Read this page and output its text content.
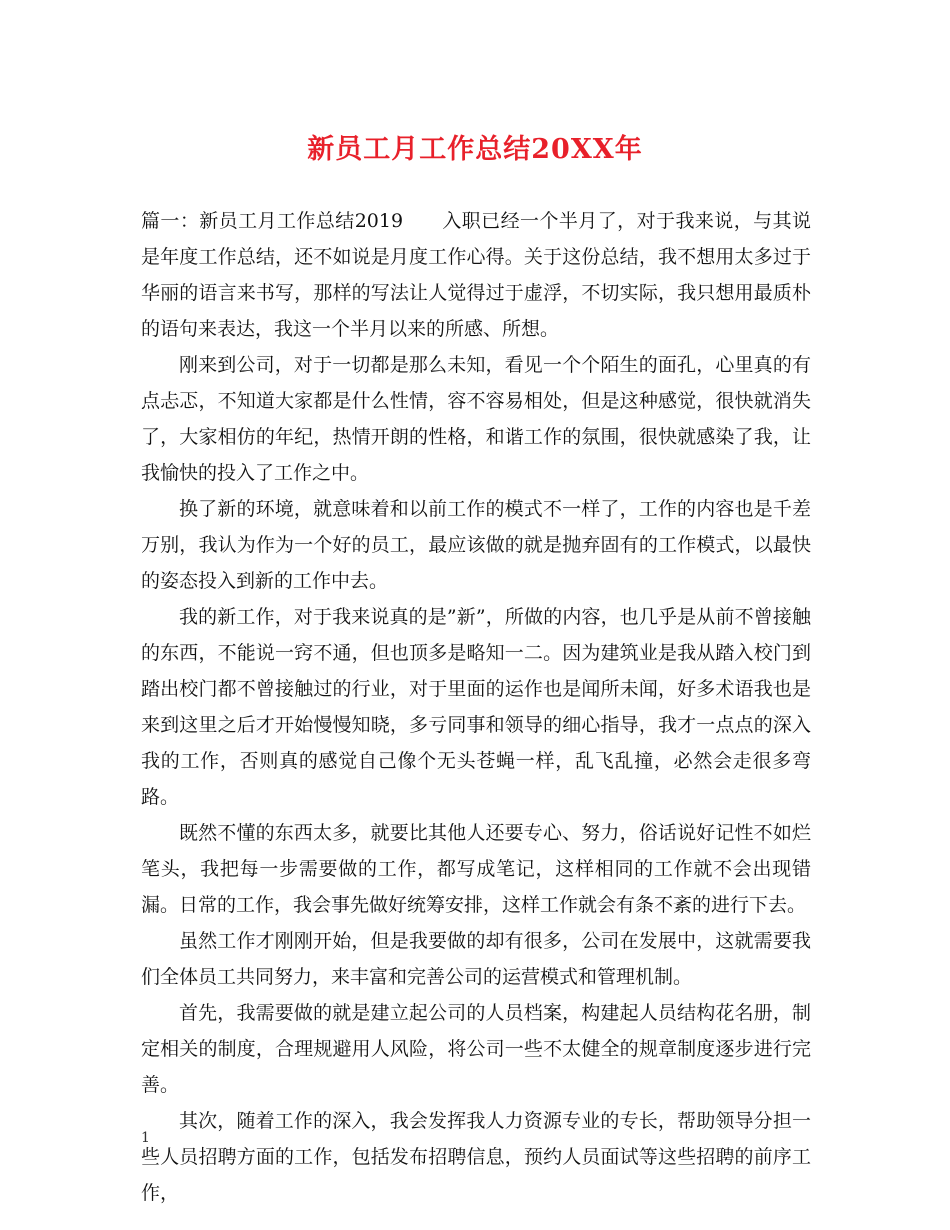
新员工月工作总结20XX年

篇一：新员工月工作总结2019　　入职已经一个半月了，对于我来说，与其说是年度工作总结，还不如说是月度工作心得。关于这份总结，我不想用太多过于华丽的语言来书写，那样的写法让人觉得过于虚浮，不切实际，我只想用最质朴的语句来表达，我这一个半月以来的所感、所想。

刚来到公司，对于一切都是那么未知，看见一个个陌生的面孔，心里真的有点忐忑，不知道大家都是什么性情，容不容易相处，但是这种感觉，很快就消失了，大家相仿的年纪，热情开朗的性格，和谐工作的氛围，很快就感染了我，让我愉快的投入了工作之中。

换了新的环境，就意味着和以前工作的模式不一样了，工作的内容也是千差万别，我认为作为一个好的员工，最应该做的就是抛弃固有的工作模式，以最快的姿态投入到新的工作中去。

我的新工作，对于我来说真的是”新”，所做的内容，也几乎是从前不曾接触的东西，不能说一窍不通，但也顶多是略知一二。因为建筑业是我从踏入校门到踏出校门都不曾接触过的行业，对于里面的运作也是闻所未闻，好多术语我也是来到这里之后才开始慢慢知晓，多亏同事和领导的细心指导，我才一点点的深入我的工作，否则真的感觉自己像个无头苍蝇一样，乱飞乱撞，必然会走很多弯路。

既然不懂的东西太多，就要比其他人还要专心、努力，俗话说好记性不如烂笔头，我把每一步需要做的工作，都写成笔记，这样相同的工作就不会出现错漏。日常的工作，我会事先做好统筹安排，这样工作就会有条不紊的进行下去。

虽然工作才刚刚开始，但是我要做的却有很多，公司在发展中，这就需要我们全体员工共同努力，来丰富和完善公司的运营模式和管理机制。

首先，我需要做的就是建立起公司的人员档案，构建起人员结构花名册，制定相关的制度，合理规避用人风险，将公司一些不太健全的规章制度逐步进行完善。

其次，随着工作的深入，我会发挥我人力资源专业的专长，帮助领导分担一些人员招聘方面的工作，包括发布招聘信息，预约人员面试等这些招聘的前序工作，

1
